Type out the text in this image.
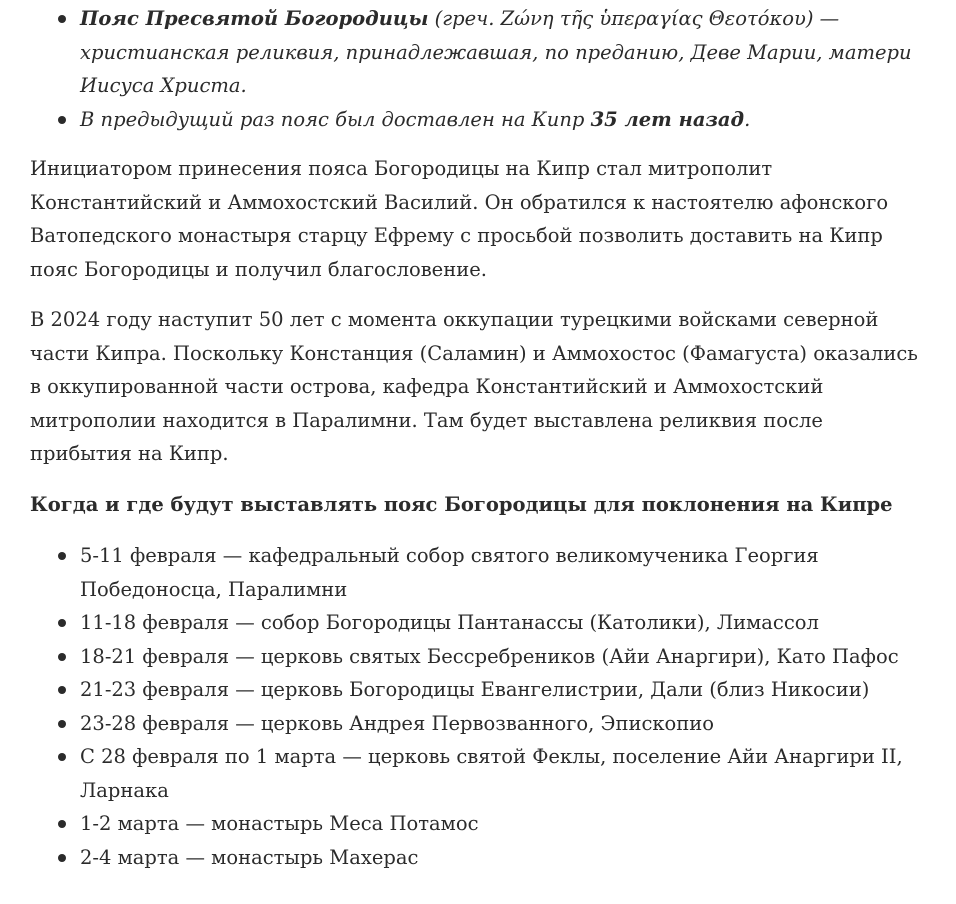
Пояс Пресвятой Богородицы (греч. Ζώνη τῆς ὑπεραγίας Θεοτόκου) — христианская реликвия, принадлежавшая, по преданию, Деве Марии, матери Иисуса Христа.
В предыдущий раз пояс был доставлен на Кипр 35 лет назад.

Инициатором принесения пояса Богородицы на Кипр стал митрополит Константийский и Аммохостский Василий. Он обратился к настоятелю афонского Ватопедского монастыря старцу Ефрему с просьбой позволить доставить на Кипр пояс Богородицы и получил благословение.

В 2024 году наступит 50 лет с момента оккупации турецкими войсками северной части Кипра. Поскольку Констанция (Саламин) и Аммохостос (Фамагуста) оказались в оккупированной части острова, кафедра Константийский и Аммохостский митрополии находится в Паралимни. Там будет выставлена реликвия после прибытия на Кипр.

Когда и где будут выставлять пояс Богородицы для поклонения на Кипре

5-11 февраля — кафедральный собор святого великомученика Георгия Победоносца, Паралимни
11-18 февраля — собор Богородицы Пантанассы (Католики), Лимассол
18-21 февраля — церковь святых Бессребреников (Айи Анаргири), Като Пафос
21-23 февраля — церковь Богородицы Евангелистрии, Дали (близ Никосии)
23-28 февраля — церковь Андрея Первозванного, Эпископио
С 28 февраля по 1 марта — церковь святой Феклы, поселение Айи Анаргири II, Ларнака
1-2 марта — монастырь Меса Потамос
2-4 марта — монастырь Махерас
